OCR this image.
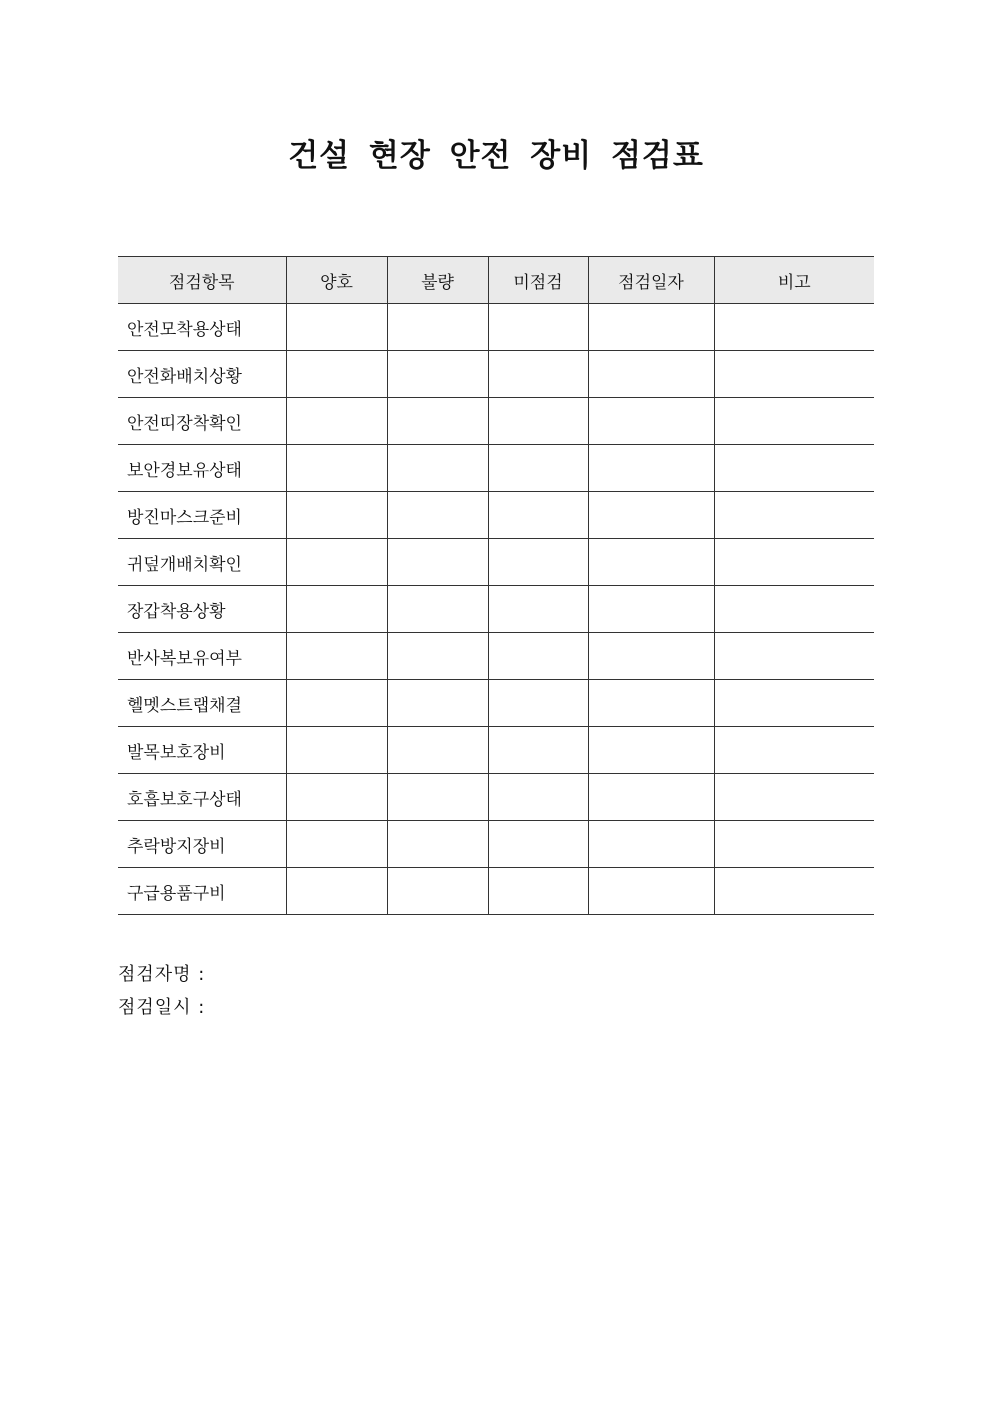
건설 현장 안전 장비 점검표
점검항목	양호	불량	미점검	점검일자	비고
안전모착용상태					
안전화배치상황					
안전띠장착확인					
보안경보유상태					
방진마스크준비					
귀덮개배치확인					
장갑착용상황					
반사복보유여부					
헬멧스트랩채결					
발목보호장비					
호흡보호구상태					
추락방지장비					
구급용품구비					
점검자명 :
점검일시 :
